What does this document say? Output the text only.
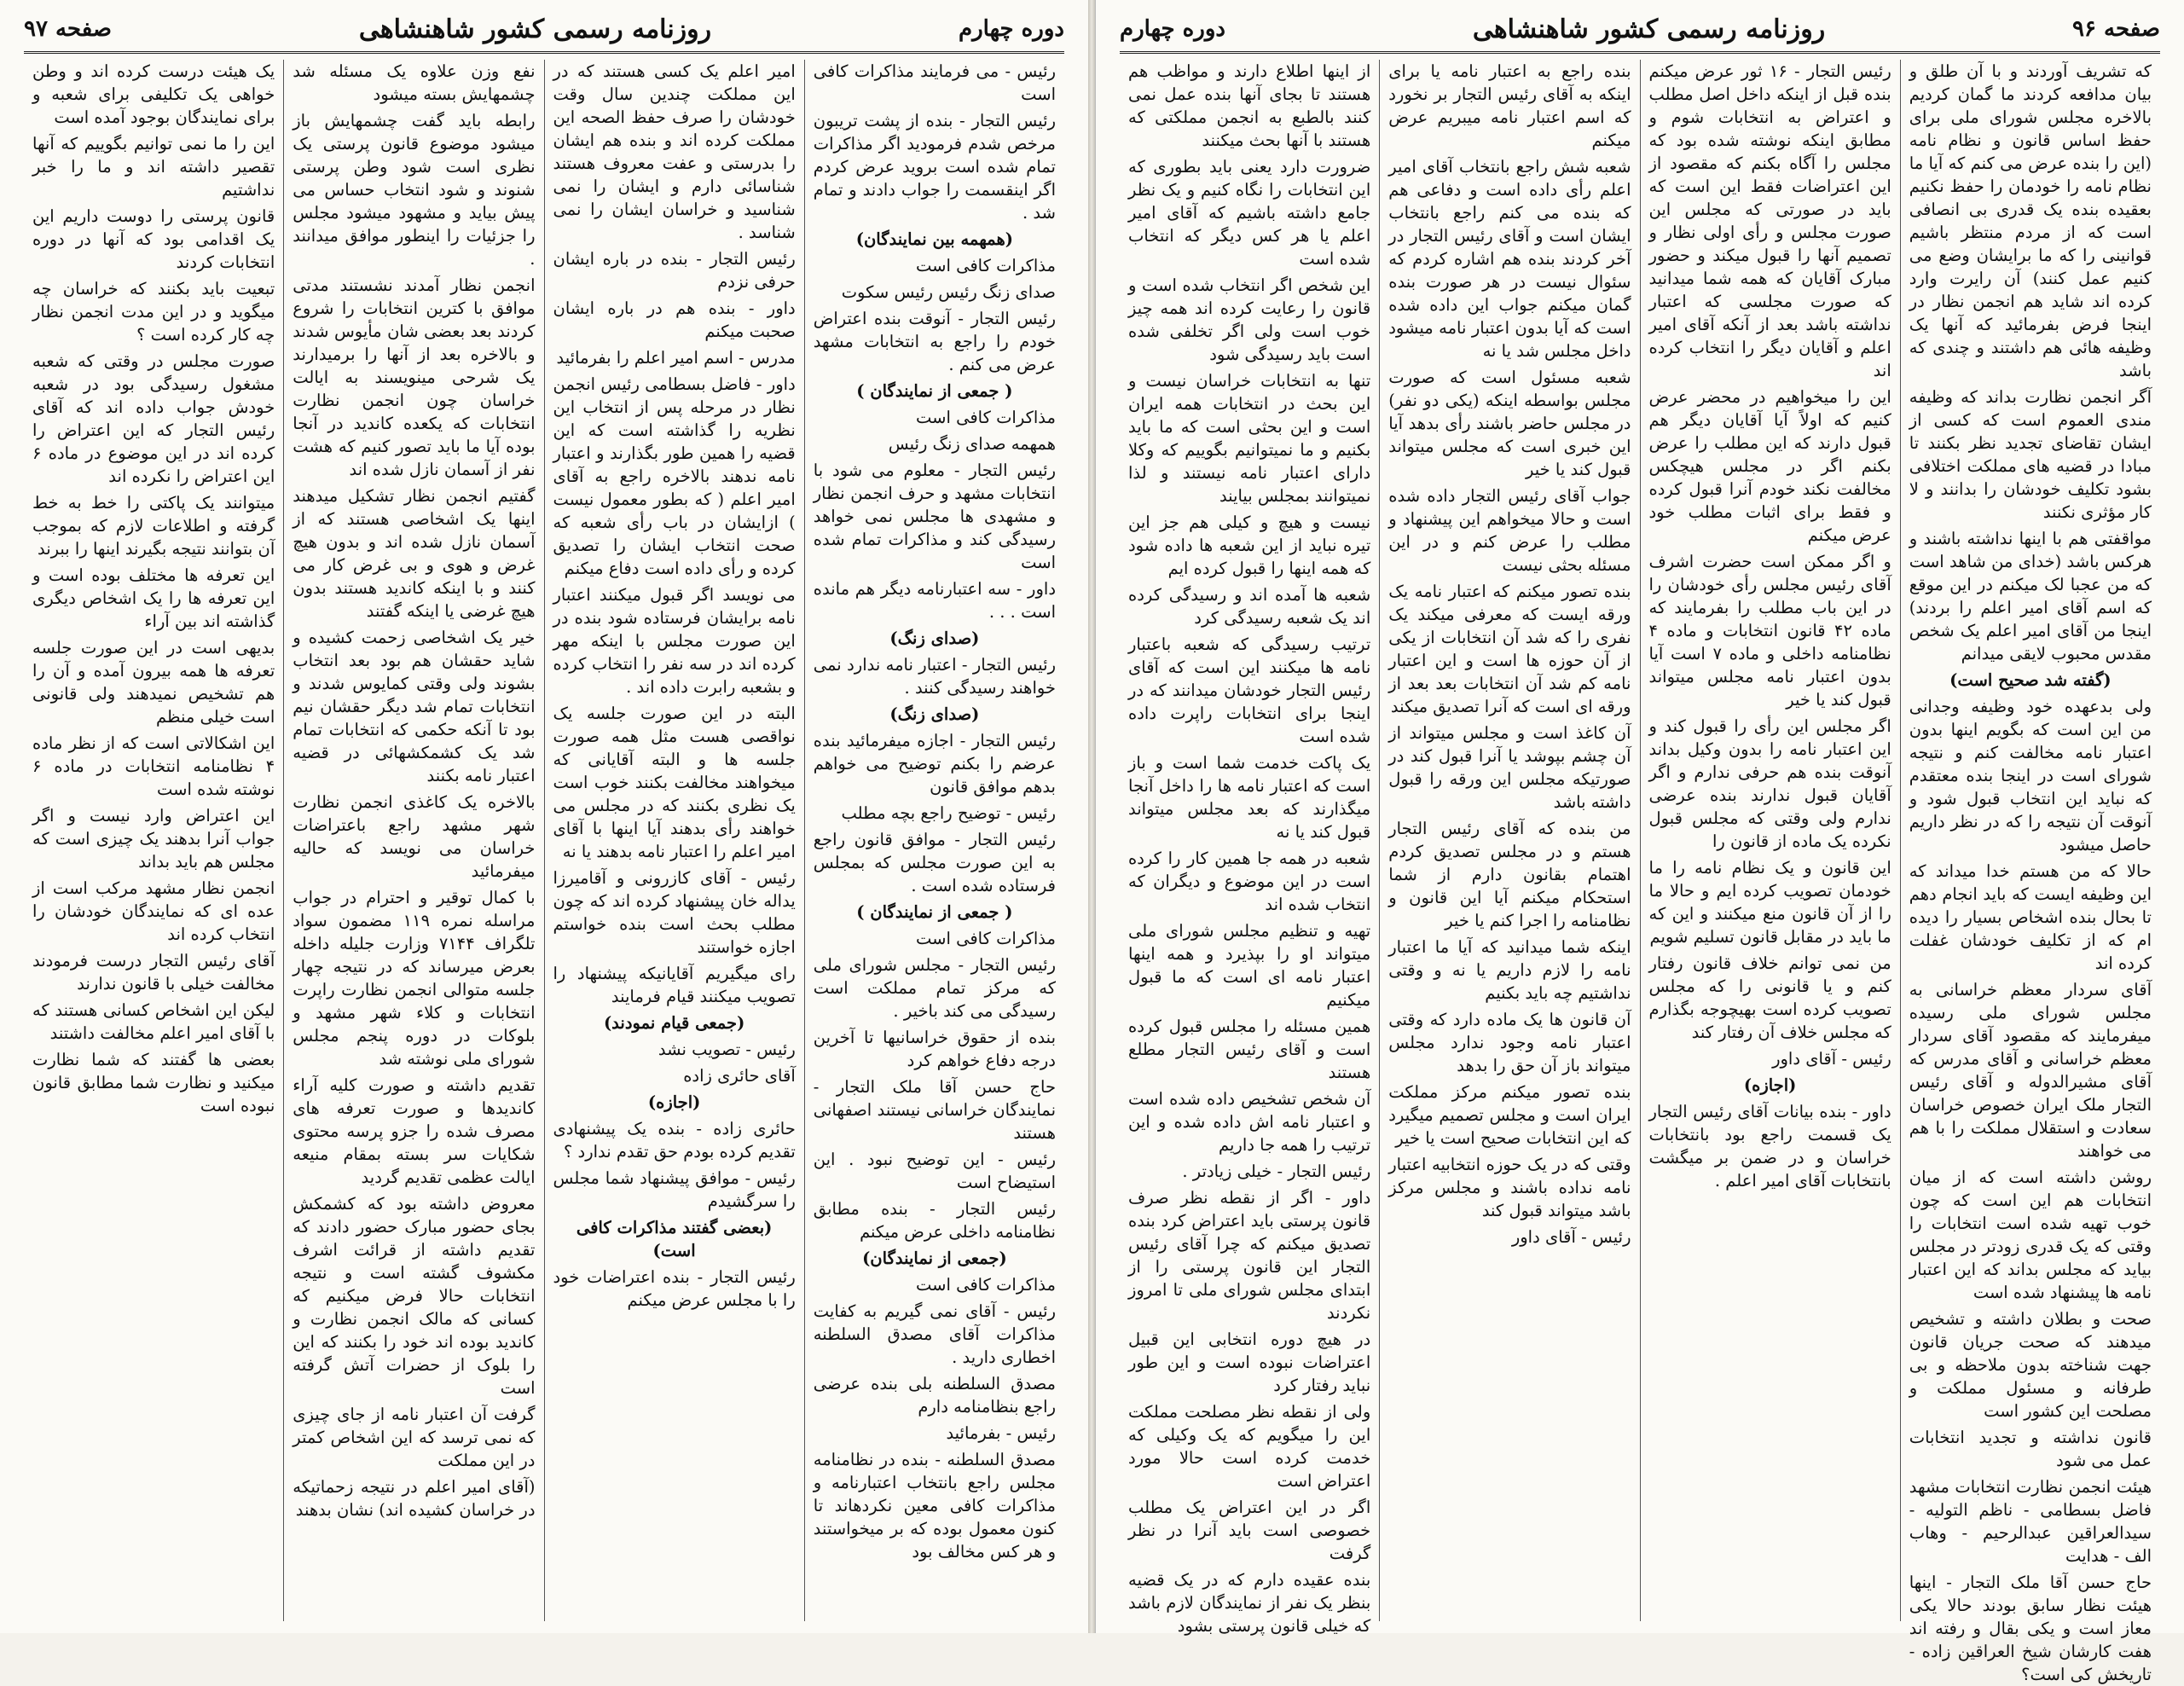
دوره چهارم
روزنامه رسمی کشور شاهنشاهی
صفحه ۹۷

رئیس - می فرمایند مذاکرات کافی است

رئیس التجار - بنده از پشت تریبون مرخص شدم فرمودید اگر مذاکرات تمام شده است برويد عرض کردم اگر اینقسمت را جواب دادند و تمام شد .

(همهمه بین نمایندگان)

مذاکرات کافی است

صدای زنگ رئیس رئیس سکوت

رئیس التجار - آنوقت بنده اعتراض خودم را راجع به انتخابات مشهد عرض می کنم .

( جمعی از نمایندگان )

مذاکرات کافی است

همهمه صدای زنگ رئیس

رئیس التجار - معلوم می شود با انتخابات مشهد و حرف انجمن نظار و مشهدی ها مجلس نمی خواهد رسیدگی کند و مذاکرات تمام شده است

داور - سه اعتبارنامه دیگر هم مانده است . . .

(صدای زنگ)

رئیس التجار - اعتبار نامه ندارد نمی خواهند رسیدگی کنند .

(صدای زنگ)

رئیس التجار - اجازه میفرمائید بنده عرضم را بکنم توضیح می خواهم بدهم موافق قانون

رئیس - توضیح راجع بچه مطلب

رئیس التجار - موافق قانون راجع به این صورت مجلس که بمجلس فرستاده شده است .

( جمعی از نمایندگان )

مذاکرات کافی است

رئیس التجار - مجلس شورای ملی که مرکز تمام مملکت است رسیدگی می کند باخیر .

بنده از حقوق خراسانیها تا آخرین درجه دفاع خواهم کرد

حاج حسن آقا ملک التجار - نمایندگان خراسانی نیستند اصفهانی هستند

رئیس - این توضیح نبود . این استیضاح است

رئیس التجار - بنده مطابق نظامنامه داخلی عرض میکنم

(جمعی از نمایندگان)

مذاکرات کافی است

رئیس - آقای نمی گیریم به کفایت مذاکرات آقای مصدق السلطنه اخطاری دارید .

مصدق السلطنه بلی بنده عرضی راجع بنظامنامه دارم

رئیس - بفرمائید

مصدق السلطنه - بنده در نظامنامه مجلس راجع بانتخاب اعتبارنامه و مذاکرات کافی معین نکردهاند تا کنون معمول بوده که بر میخواستند و هر کس مخالف بود

امیر اعلم یک کسی هستند که در این مملکت چندین سال وقت خودشان را صرف حفظ الصحه این مملکت کرده اند و بنده هم ایشان را بدرستی و عفت معروف هستند شناسائی دارم و ایشان را نمی شناسید و خراسان ایشان را نمی شناسد .

رئیس التجار - بنده در باره ایشان حرفی نزدم

داور - بنده هم در باره ایشان صحبت میکنم

مدرس - اسم امیر اعلم را بفرمائید

داور - فاضل بسطامی رئیس انجمن نظار در مرحله پس از انتخاب این نظریه را گذاشته است که این قضیه را همین طور بگذارند و اعتبار نامه ندهند بالاخره راجع به آقای امیر اعلم ( که بطور معمول نیست ) ازایشان در باب رأی شعبه که صحت انتخاب ایشان را تصدیق کرده و رأی داده است دفاع میکنم

می نویسد اگر قبول میکنند اعتبار نامه برایشان فرستاده شود بنده در این صورت مجلس با اینکه مهر کرده اند در سه نفر را انتخاب کرده و بشعبه رابرت داده اند .

البته در این صورت جلسه یک نواقصی هست مثل همه صورت جلسه ها و البته آقایانی که میخواهند مخالفت بکنند خوب است یک نظری بکنند که در مجلس می خواهند رأی بدهند آیا اینها با آقای امیر اعلم را اعتبار نامه بدهند یا نه

رئیس - آقای کازرونی و آقامیرزا یداله خان پیشنهاد کرده اند که چون مطلب بحث است بنده خواستم اجازه خواستند

رای میگیریم آقایانیکه پیشنهاد را تصویب میکنند قیام فرمایند

(جمعی قیام نمودند)

رئیس - تصویب نشد

آقای حائری زاده

(اجازه)

حائری زاده - بنده یک پیشنهادی تقدیم کرده بودم حق تقدم ندارد ؟

رئیس - موافق پیشنهاد شما مجلس را سرگشیدم

(بعضی گفتند مذاکرات کافی است)

رئیس التجار - بنده اعتراضات خود را با مجلس عرض میکنم

نفع وزن علاوه یک مسئله شد چشمهایش بسته میشود

رابطه باید گفت چشمهایش باز میشود موضوع قانون پرستی یک نظری است شود وطن پرستی شنوند و شود انتخاب حساس می پیش بیاید و مشهود میشود مجلس را جزئیات را اینطور موافق میدانند .

انجمن نظار آمدند نشستند مدتی موافق با کترین انتخابات را شروع کردند بعد بعضی شان مأیوس شدند و بالاخره بعد از آنها را برمیدارند یک شرحی مینویسند به ایالت خراسان چون انجمن نظارت انتخابات که یکعده کاندید در آنجا بوده آیا ما باید تصور کنیم که هشت نفر از آسمان نازل شده اند

گفتیم انجمن نظار تشکیل میدهند اینها یک اشخاصی هستند که از آسمان نازل شده اند و بدون هیچ غرض و هوی و بی غرض کار می کنند و با اینکه کاندید هستند بدون هیچ غرضی یا اینکه گفتند

خیر یک اشخاصی زحمت کشیده و شاید حقشان هم بود بعد انتخاب بشوند ولی وقتی کمایوس شدند و انتخابات تمام شد دیگر حقشان نیم بود تا آنکه حکمی که انتخابات تمام شد یک کشمکشهائی در قضیه اعتبار نامه بکنند

بالاخره یک کاغذی انجمن نظارت شهر مشهد راجع باعتراضات خراسان می نویسد که حالیه میفرمائید

با کمال توقیر و احترام در جواب مراسله نمره ۱۱۹ مضمون سواد تلگراف ۷۱۴۴ وزارت جلیله داخله بعرض میرساند که در نتیجه چهار جلسه متوالی انجمن نظارت راپرت انتخابات و کلاء شهر مشهد و بلوکات در دوره پنجم مجلس شورای ملی نوشته شد

تقدیم داشته و صورت کلیه آراء کاندیدها و صورت تعرفه های مصرف شده را جزو پرسه محتوی شکایات سر بسته بمقام منیعه ایالت عظمی تقدیم گردید

معروض داشته بود که کشمکش بجای حضور مبارک حضور دادند که تقدیم داشته از قرائت اشرف مکشوف گشته است و نتیجه انتخابات حالا فرض میکنیم که کسانی که مالک انجمن نظارت و کاندید بوده اند خود را بکنند که این را بلوک از حضرات آتش گرفته است

گرفت آن اعتبار نامه از جای چیزی که نمی ترسد که این اشخاص کمتر در این مملکت

(آقای امیر اعلم در نتیجه زحماتیکه در خراسان کشیده اند) نشان بدهند

یک هیئت درست کرده اند و وطن خواهی یک تکلیفی برای شعبه و برای نمایندگان بوجود آمده است

این را ما نمی توانیم بگوییم که آنها تقصیر داشته اند و ما را خبر نداشتیم

قانون پرستی را دوست داریم این یک اقدامی بود که آنها در دوره انتخابات کردند

تبعیت باید بکنند که خراسان چه میگوید و در این مدت انجمن نظار چه کار کرده است ؟

صورت مجلس در وقتی که شعبه مشغول رسیدگی بود در شعبه خودش جواب داده اند که آقای رئیس التجار که این اعتراض را کرده اند در این موضوع در ماده ۶ این اعتراض را نکرده اند

میتوانند یک پاکتی را خط به خط گرفته و اطلاعات لازم که بموجب آن بتوانند نتیجه بگیرند اینها را ببرند

این تعرفه ها مختلف بوده است و این تعرفه ها را یک اشخاص دیگری گذاشته اند بین آراء

بدیهی است در این صورت جلسه تعرفه ها همه بیرون آمده و آن را هم تشخیص نمیدهند ولی قانونی است خیلی منظم

این اشکالاتی است که از نظر ماده ۴ نظامنامه انتخابات در ماده ۶ نوشته شده است

این اعتراض وارد نیست و اگر جواب آنرا بدهند یک چیزی است که مجلس هم باید بداند

انجمن نظار مشهد مرکب است از عده ای که نمایندگان خودشان را انتخاب کرده اند

آقای رئیس التجار درست فرمودند مخالفت خیلی با قانون ندارند

لیکن این اشخاص کسانی هستند که با آقای امیر اعلم مخالفت داشتند

بعضی ها گفتند که شما نظارت میکنید و نظارت شما مطابق قانون نبوده است

صفحه ۹۶
روزنامه رسمی کشور شاهنشاهی
دوره چهارم

که تشریف آوردند و با آن طلق و بیان مدافعه کردند ما گمان کردیم بالاخره مجلس شورای ملی برای حفظ اساس قانون و نظام نامه (این را بنده عرض می کنم که آیا ما نظام نامه را خودمان را حفظ نکنیم بعقیده بنده یک قدری بی انصافی است که از مردم منتظر باشیم قوانینی را که ما برایشان وضع می کنیم عمل کنند) آن رایرت وارد کرده اند شاید هم انجمن نظار در اینجا فرض بفرمائید که آنها یک وظیفه هائی هم داشتند و چندی که باشد

آگر انجمن نظارت بداند که وظیفه مندی العموم است که کسی از ایشان تقاضای تجدید نظر بکنند تا مبادا در قضیه های مملکت اختلافی بشود تکلیف خودشان را بدانند و لا کار مؤثری نکنند

مواقفتی هم با اینها نداشته باشند و هرکس باشد (خدای من شاهد است که من عجبا لک میکنم در این موقع که اسم آقای امیر اعلم را بردند) اینجا من آقای امیر اعلم یک شخص مقدس محبوب لایقی میدانم

(گفته شد صحیح است)

ولی بدعهده خود وظیفه وجدانی من این است که بگویم اینها بدون اعتبار نامه مخالفت کنم و نتیجه شورای است در اینجا بنده معتقدم که نباید این انتخاب قبول شود و آنوقت آن نتیجه را که در نظر داریم حاصل میشود

حالا که من هستم خدا میداند که این وظیفه ایست که باید انجام دهم تا بحال بنده اشخاص بسیار را دیده ام که از تکلیف خودشان غفلت کرده اند

آقای سردار معظم خراسانی به مجلس شورای ملی رسیده میفرمایند که مقصود آقای سردار معظم خراسانی و آقای مدرس که آقای مشیرالدوله و آقای رئیس التجار ملک ایران خصوص خراسان سعادت و استقلال مملکت را با هم می خواهند

روشن داشته است که از میان انتخابات هم این است که چون خوب تهیه شده است انتخابات را وقتی که یک قدری زودتر در مجلس بیاید که مجلس بداند که این اعتبار نامه ها پیشنهاد شده است

صحت و بطلان داشته و تشخیص میدهند که صحت جریان قانون جهت شناخته بدون ملاحظه و بی طرفانه و مسئول مملکت و مصلحت این کشور است

قانون نداشته و تجدید انتخابات عمل می شود

هیئت انجمن نظارت انتخابات مشهد فاضل بسطامی - ناظم التولیه - سیدالعراقین عبدالرحیم - وهاب الف - هدایت

حاج حسن آقا ملک التجار - اینها هیئت نظار سابق بودند حالا یکی معاز است و یکی بقال و رفته اند هفت کارشان شیخ العراقین زاده - تاریخش کی است؟

رئیس التجار - ۱۶ ثور عرض میکنم بنده قبل از اینکه داخل اصل مطلب و اعتراض به انتخابات شوم و مطابق اینکه نوشته شده بود که مجلس را آگاه بکنم که مقصود از این اعتراضات فقط این است که باید در صورتی که مجلس این صورت مجلس و رأی اولی نظار و تصمیم آنها را قبول میکند و حضور مبارک آقایان که همه شما میدانید که صورت مجلسی که اعتبار نداشته باشد بعد از آنکه آقای امیر اعلم و آقایان دیگر را انتخاب کرده اند

این را میخواهیم در محضر عرض کنیم که اولاً آیا آقایان دیگر هم قبول دارند که این مطلب را عرض بکنم اگر در مجلس هیچکس مخالفت نکند خودم آنرا قبول کرده و فقط برای اثبات مطلب خود عرض میکنم

و اگر ممکن است حضرت اشرف آقای رئیس مجلس رأی خودشان را در این باب مطلب را بفرمایند که ماده ۴۲ قانون انتخابات و ماده ۴ نظامنامه داخلی و ماده ۷ است آیا بدون اعتبار نامه مجلس میتواند قبول کند یا خیر

اگر مجلس این رأی را قبول کند و این اعتبار نامه را بدون وکیل بداند آنوقت بنده هم حرفی ندارم و اگر آقایان قبول ندارند بنده عرضی ندارم ولی وقتی که مجلس قبول نکرده یک ماده از قانون را

این قانون و یک نظام نامه را ما خودمان تصویب کرده ایم و حالا ما را از آن قانون منع میکنند و این که ما باید در مقابل قانون تسلیم شویم

من نمی توانم خلاف قانون رفتار کنم و یا قانونی را که مجلس تصویب کرده است بهیچوجه بگذارم که مجلس خلاف آن رفتار کند

رئیس - آقای داور

(اجازه)

داور - بنده بیانات آقای رئیس التجار یک قسمت راجع بود بانتخابات خراسان و در ضمن بر میگشت بانتخابات آقای امیر اعلم .

بنده راجع به اعتبار نامه یا برای اینکه به آقای رئیس التجار بر نخورد که اسم اعتبار نامه میبریم عرض میکنم

شعبه شش راجع بانتخاب آقای امیر اعلم رأی داده است و دفاعی هم که بنده می کنم راجع بانتخاب ایشان است و آقای رئیس التجار در آخر کردند بنده هم اشاره کردم که سئوال نیست در هر صورت بنده گمان میکنم جواب این داده شده است که آیا بدون اعتبار نامه میشود داخل مجلس شد یا نه

شعبه مسئول است که صورت مجلس بواسطه اینکه (یکی دو نفر) در مجلس حاضر باشند رأی بدهد آیا این خبری است که مجلس میتواند قبول کند یا خیر

جواب آقای رئیس التجار داده شده است و حالا میخواهم این پیشنهاد و مطلب را عرض کنم و در این مسئله بحثی نیست

بنده تصور میکنم که اعتبار نامه یک ورقه ایست که معرفی میکند یک نفری را که شد آن انتخابات از یکی از آن حوزه ها است و این اعتبار نامه کم شد آن انتخابات بعد بعد از ورقه ای است که آنرا تصدیق میکند

آن کاغذ است و مجلس میتواند از آن چشم بپوشد یا آنرا قبول کند در صورتیکه مجلس این ورقه را قبول داشته باشد

من بنده که آقای رئیس التجار هستم و در مجلس تصدیق کردم اهتمام بقانون دارم از شما استحکام میکنم آیا این قانون و نظامنامه را اجرا کنم یا خیر

اینکه شما میدانید که آیا ما اعتبار نامه را لازم داریم یا نه و وقتی نداشتیم چه باید بکنیم

آن قانون ها یک ماده دارد که وقتی اعتبار نامه وجود ندارد مجلس میتواند باز آن حق را بدهد

بنده تصور میکنم مرکز مملکت ایران است و مجلس تصمیم میگیرد که این انتخابات صحیح است یا خیر

وقتی که در یک حوزه انتخابیه اعتبار نامه نداده باشند و مجلس مرکز باشد میتواند قبول کند

رئیس - آقای داور

از اینها اطلاع دارند و مواظب هم هستند تا بجای آنها بنده عمل نمی کنند بالطبع به انجمن مملکتی که هستند با آنها بحث میکنند

ضرورت دارد یعنی باید بطوری که این انتخابات را نگاه کنیم و یک نظر جامع داشته باشیم که آقای امیر اعلم یا هر کس دیگر که انتخاب شده است

این شخص اگر انتخاب شده است و قانون را رعایت کرده اند همه چیز خوب است ولی اگر تخلفی شده است باید رسیدگی شود

تنها به انتخابات خراسان نیست و این بحث در انتخابات همه ایران است و این بحثی است که ما باید بکنیم و ما نمیتوانیم بگوییم که وکلا دارای اعتبار نامه نیستند و لذا نمیتوانند بمجلس بیایند

نیست و هیچ و کیلی هم جز این تیره نباید از این شعبه ها داده شود که همه اینها را قبول کرده ایم

شعبه ها آمده اند و رسیدگی کرده اند یک شعبه رسیدگی کرد

ترتیب رسیدگی که شعبه باعتبار نامه ها میکنند این است که آقای رئیس التجار خودشان میدانند که در اینجا برای انتخابات راپرت داده شده است

یک پاکت خدمت شما است و باز است که اعتبار نامه ها را داخل آنجا میگذارند که بعد مجلس میتواند قبول کند یا نه

شعبه در همه جا همین کار را کرده است در این موضوع و دیگران که انتخاب شده اند

تهیه و تنظیم مجلس شورای ملی میتواند او را بپذیرد و همه اینها اعتبار نامه ای است که ما قبول میکنیم

همین مسئله را مجلس قبول کرده است و آقای رئیس التجار مطلع هستند

آن شخص تشخیص داده شده است و اعتبار نامه اش داده شده و این ترتیب را همه جا داریم

رئیس التجار - خیلی زیادتر .

داور - اگر از نقطه نظر صرف قانون پرستی باید اعتراض کرد بنده تصدیق میکنم که چرا آقای رئیس التجار این قانون پرستی را از ابتدای مجلس شورای ملی تا امروز نکردند

در هیچ دوره انتخابی این قبیل اعتراضات نبوده است و این طور نباید رفتار کرد

ولی از نقطه نظر مصلحت مملکت این را میگویم که یک وکیلی که خدمت کرده است حالا مورد اعتراض است

اگر در این اعتراض یک مطلب خصوصی است باید آنرا در نظر گرفت

بنده عقیده دارم که در یک قضیه بنظر یک نفر از نمایندگان لازم باشد که خیلی قانون پرستی بشود
